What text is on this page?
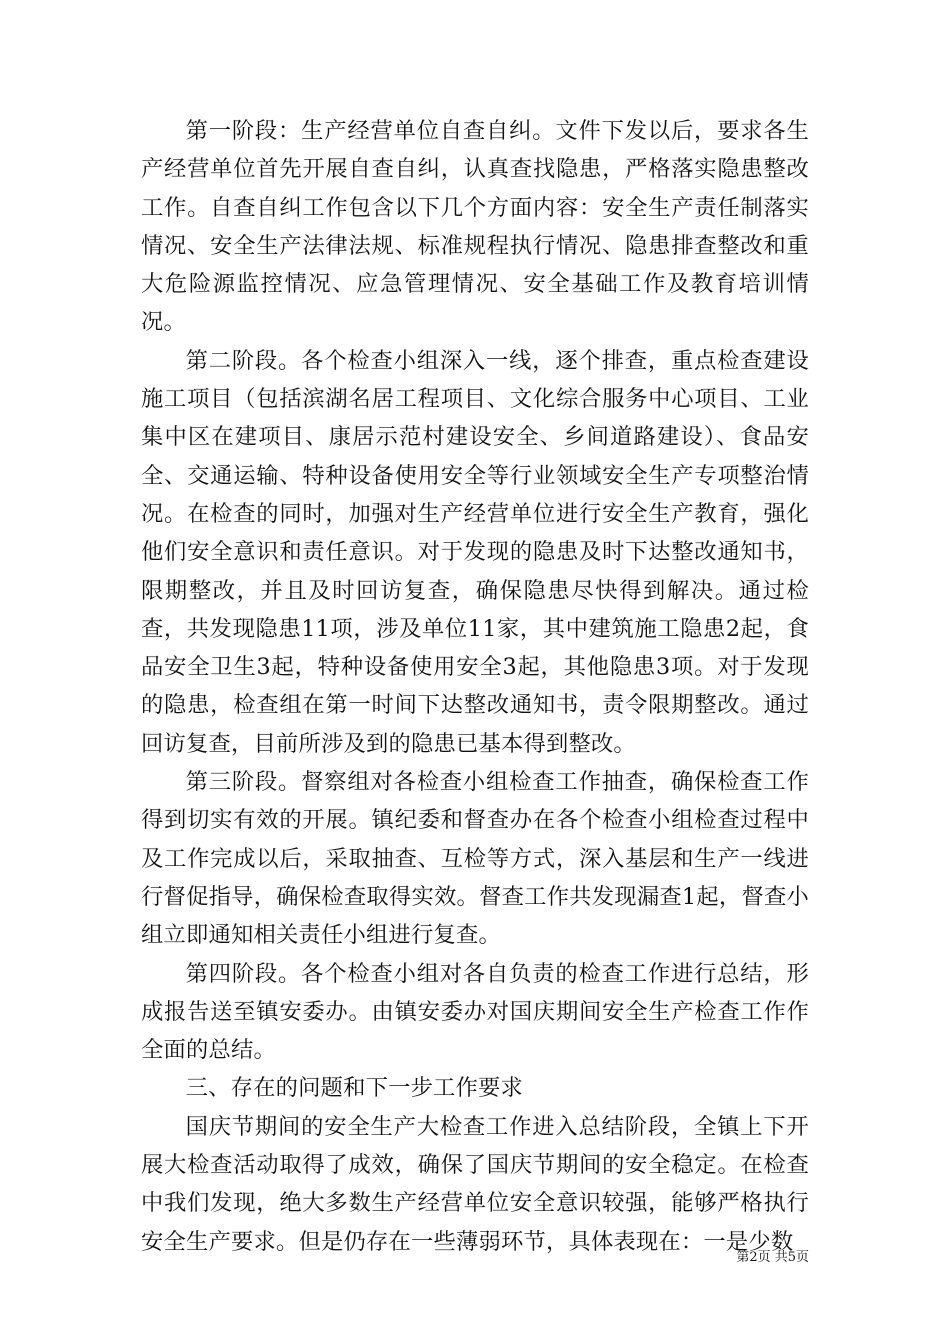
第一阶段：生产经营单位自查自纠。文件下发以后，要求各生产经营单位首先开展自查自纠，认真查找隐患，严格落实隐患整改工作。自查自纠工作包含以下几个方面内容：安全生产责任制落实情况、安全生产法律法规、标准规程执行情况、隐患排查整改和重大危险源监控情况、应急管理情况、安全基础工作及教育培训情况。

第二阶段。各个检查小组深入一线，逐个排查，重点检查建设施工项目（包括滨湖名居工程项目、文化综合服务中心项目、工业集中区在建项目、康居示范村建设安全、乡间道路建设）、食品安全、交通运输、特种设备使用安全等行业领域安全生产专项整治情况。在检查的同时，加强对生产经营单位进行安全生产教育，强化他们安全意识和责任意识。对于发现的隐患及时下达整改通知书，限期整改，并且及时回访复查，确保隐患尽快得到解决。通过检查，共发现隐患11项，涉及单位11家，其中建筑施工隐患2起，食品安全卫生3起，特种设备使用安全3起，其他隐患3项。对于发现的隐患，检查组在第一时间下达整改通知书，责令限期整改。通过回访复查，目前所涉及到的隐患已基本得到整改。

第三阶段。督察组对各检查小组检查工作抽查，确保检查工作得到切实有效的开展。镇纪委和督查办在各个检查小组检查过程中及工作完成以后，采取抽查、互检等方式，深入基层和生产一线进行督促指导，确保检查取得实效。督查工作共发现漏查1起，督查小组立即通知相关责任小组进行复查。

第四阶段。各个检查小组对各自负责的检查工作进行总结，形成报告送至镇安委办。由镇安委办对国庆期间安全生产检查工作作全面的总结。

三、存在的问题和下一步工作要求

国庆节期间的安全生产大检查工作进入总结阶段，全镇上下开展大检查活动取得了成效，确保了国庆节期间的安全稳定。在检查中我们发现，绝大多数生产经营单位安全意识较强，能够严格执行安全生产要求。但是仍存在一些薄弱环节，具体表现在：一是少数

第2页 共5页
